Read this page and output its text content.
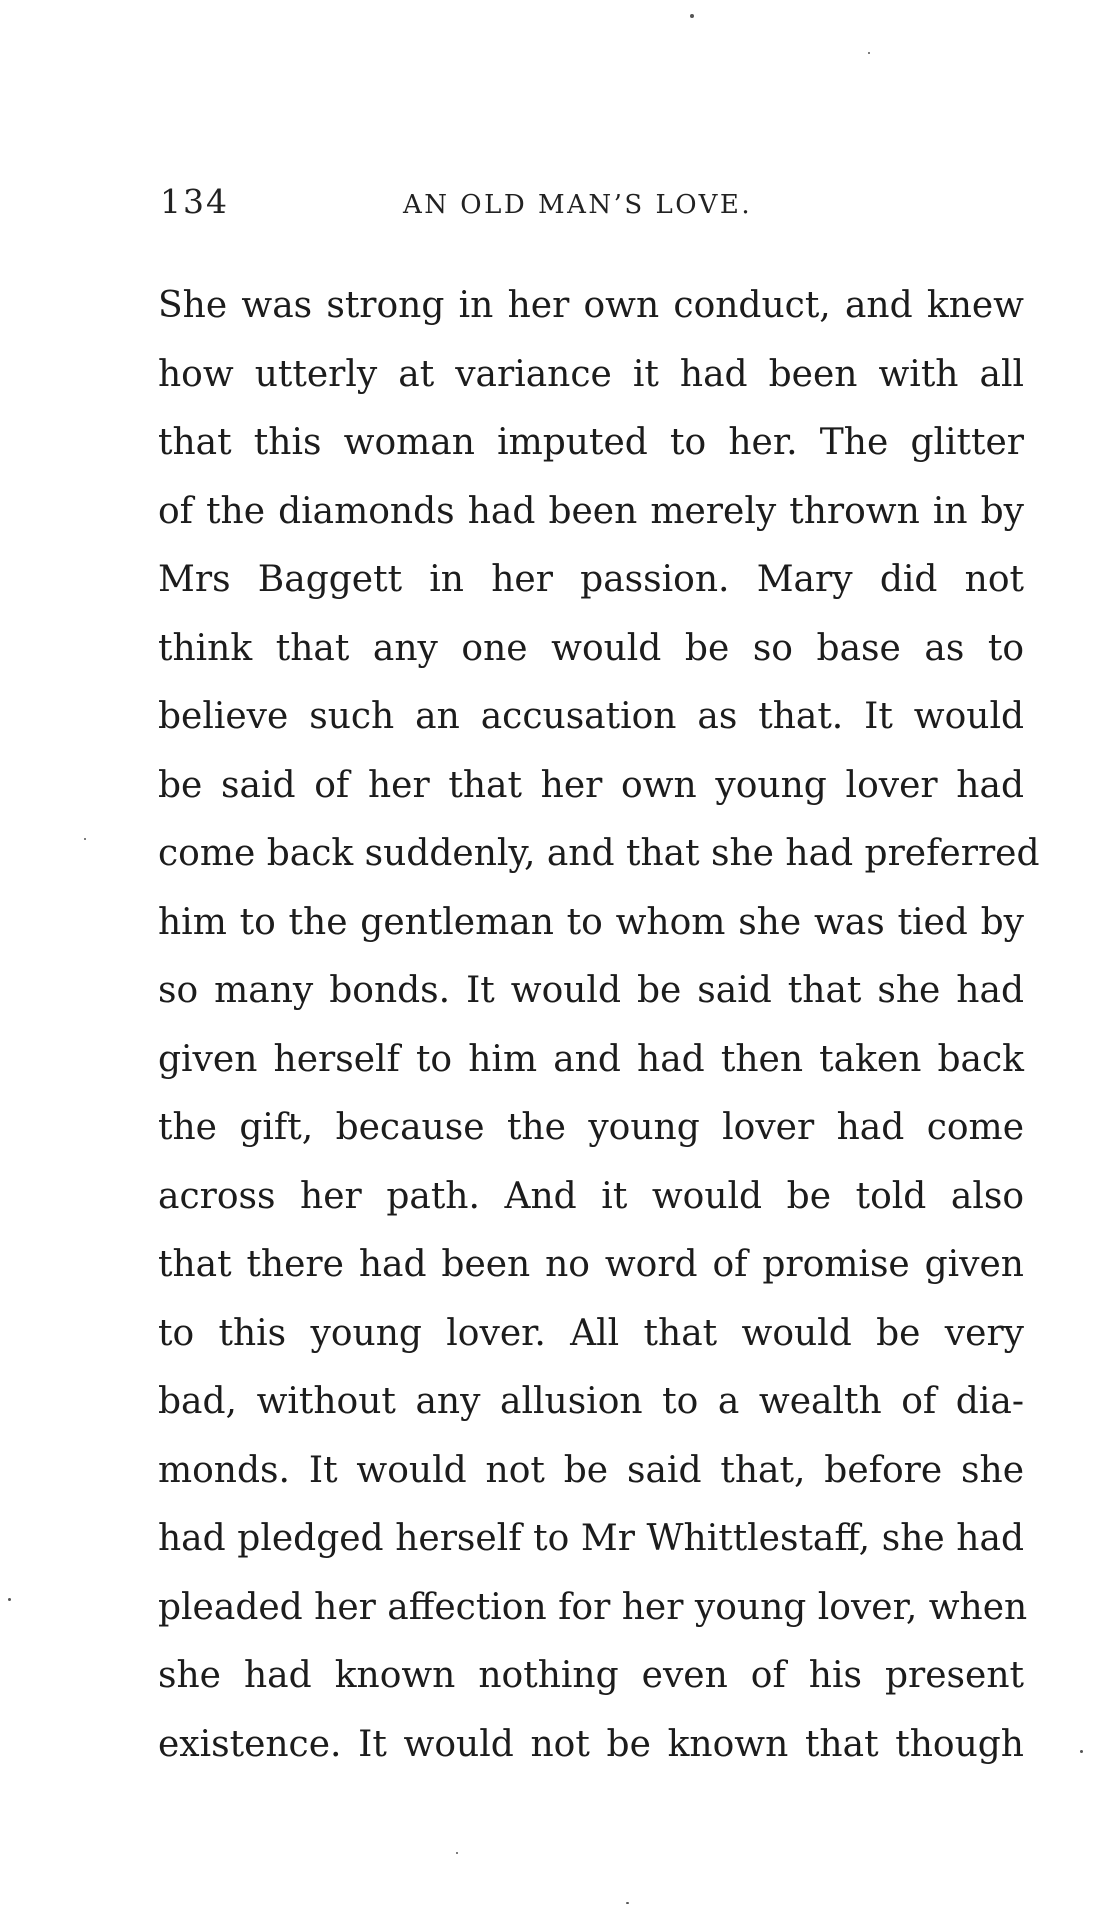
134	AN OLD MAN’S LOVE.
She was strong in her own conduct, and knew
how utterly at variance it had been with all
that this woman imputed to her. The glitter
of the diamonds had been merely thrown in by
Mrs Baggett in her passion. Mary did not
think that any one would be so base as to
believe such an accusation as that. It would
be said of her that her own young lover had
come back suddenly, and that she had preferred
him to the gentleman to whom she was tied by
so many bonds. It would be said that she had
given herself to him and had then taken back
the gift, because the young lover had come
across her path. And it would be told also
that there had been no word of promise given
to this young lover. All that would be very
bad, without any allusion to a wealth of dia-
monds. It would not be said that, before she
had pledged herself to Mr Whittlestaff, she had
pleaded her affection for her young lover, when
she had known nothing even of his present
existence. It would not be known that though
